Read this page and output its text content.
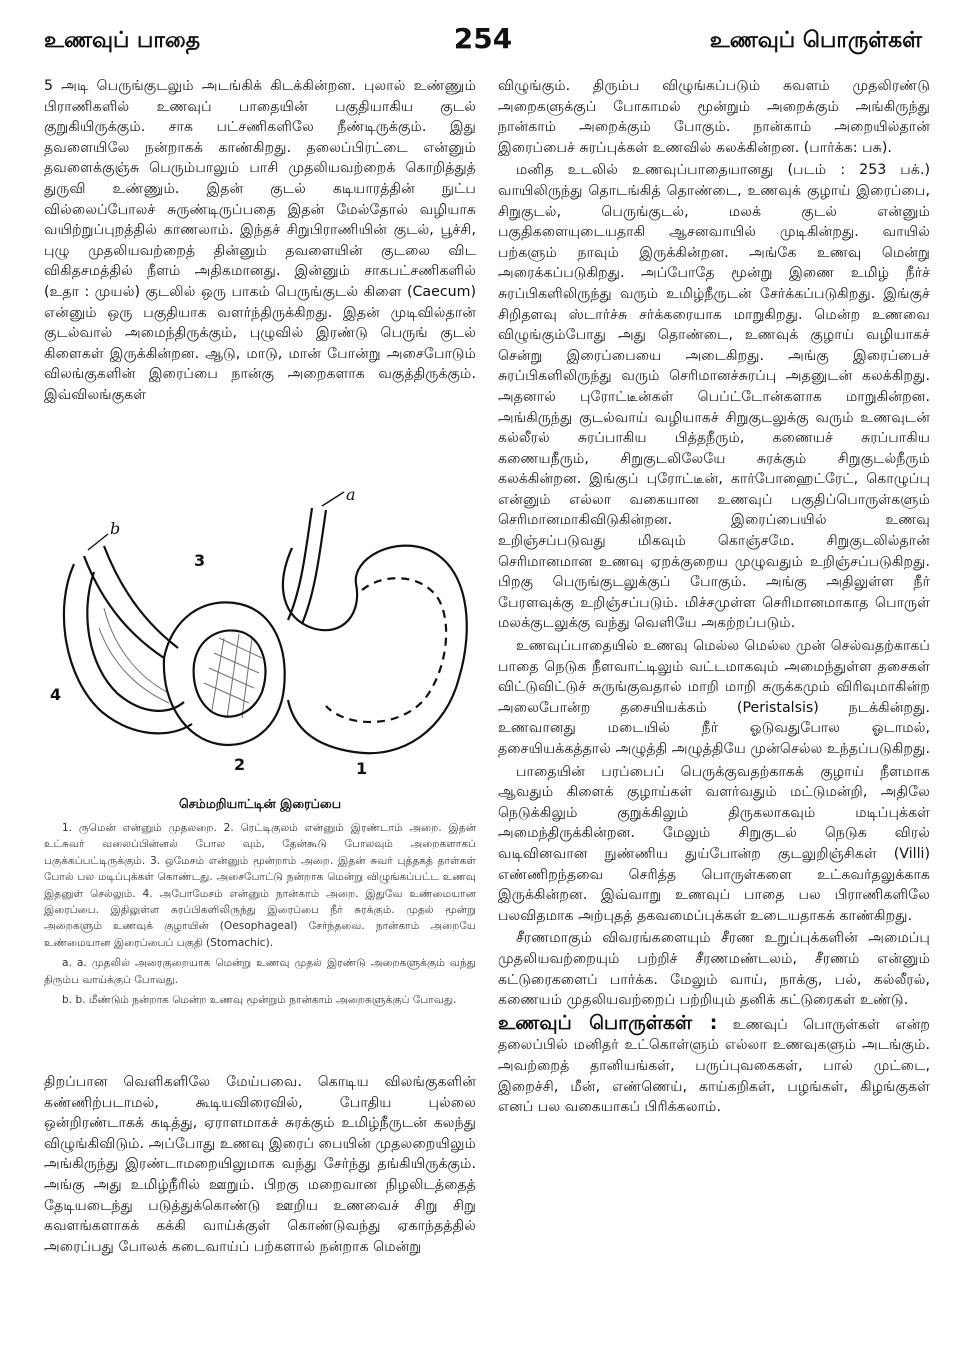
உணவுப் பாதை	254	உணவுப் பொருள்கள்

5 அடி பெருங்குடலும் அடங்கிக் கிடக்கின்றன. புலால் உண்ணும் பிராணிகளில் உணவுப் பாதையின் பகுதியாகிய குடல் குறுகியிருக்கும். சாக பட்சணிகளிலே நீண்டிருக்கும். இது தவளையிலே நன்றாகக் காண்கிறது. தலைப்பிரட்டை என்னும் தவளைக்குஞ்சு பெரும்பாலும் பாசி முதலியவற்றைக் கொறித்துத் துருவி உண்ணும். இதன் குடல் கடியாரத்தின் நுட்ப வில்லைப்போலச் சுருண்டிருப்பதை இதன் மேல்தோல் வழியாக வயிற்றுப்புறத்தில் காணலாம். இந்தச் சிறுபிராணியின் குடல், பூச்சி, புழு முதலியவற்றைத் தின்னும் தவளையின் குடலை விட விகிதசமத்தில் நீளம் அதிகமானது. இன்னும் சாகபட்சணிகளில் (உதா : முயல்) குடலில் ஒரு பாகம் பெருங்குடல் கிளை (Caecum) என்னும் ஒரு பகுதியாக வளர்ந்திருக்கிறது. இதன் முடிவில்தான் குடல்வால் அமைந்திருக்கும், புழுவில் இரண்டு பெருங் குடல் கிளைகள் இருக்கின்றன. ஆடு, மாடு, மான் போன்று அசைபோடும் விலங்குகளின் இரைப்பை நான்கு அறைகளாக வகுத்திருக்கும். இவ்விலங்குகள்

a
b
1
2
3
4
செம்மறியாட்டின் இரைப்பை

1. ருமென் என்னும் முதலறை. 2. ரெட்டிகுலம் என்னும் இரண்டாம் அறை. இதன் உட்சுவர் வலைப்பின்னல் போல வும், தேன்கூடு போலவும் அறைகளாகப் பகுக்கப்பட்டிருக்கும். 3. ஒமேசம் என்னும் மூன்றாம் அறை. இதன் சுவர் புத்தகத் தாள்கள் போல் பல மடிப்புக்கள் கொண்டது. அசைபோட்டு நன்றாக மென்று விழுங்கப்பட்ட உணவு இதனுள் செல்லும். 4. அபோமேசம் என்னும் நான்காம் அறை. இதுவே உண்மையான இரைப்பை. இதிலுள்ள சுரப்பிகளிலிருந்து இரைப்பை நீர் சுரக்கும். முதல் மூன்று அறைகளும் உணவுக் குழாயின் (Oesophageal) சேர்ந்தவை. நான்காம் அறையே உண்மையான இரைப்பைப் பகுதி (Stomachic).

a. a. முதலில் அரைகுறையாக மென்று உணவு முதல் இரண்டு அறைகளுக்கும் வந்து திரும்ப வாய்க்குப் போவது.

b. b. மீண்டும் நன்றாக மென்ற உணவு மூன்றும் நான்காம் அறைகளுக்குப் போவது.

திறப்பான வெளிகளிலே மேய்பவை. கொடிய விலங்குகளின் கண்ணிற்படாமல், கூடியவிரைவில், போதிய புல்லை ஒன்றிரண்டாகக் கடித்து, ஏராளமாகச் சுரக்கும் உமிழ்நீருடன் கலந்து விழுங்கிவிடும். அப்போது உணவு இரைப் பையின் முதலறையிலும் அங்கிருந்து இரண்டாமறையிலுமாக வந்து சேர்ந்து தங்கியிருக்கும். அங்கு அது உமிழ்நீரில் ஊறும். பிறகு மறைவான நிழலிடத்தைத் தேடியடைந்து படுத்துக்கொண்டு ஊறிய உணவைச் சிறு சிறு கவளங்களாகக் கக்கி வாய்க்குள் கொண்டுவந்து ஏகாந்தத்தில் அரைப்பது போலக் கடைவாய்ப் பற்களால் நன்றாக மென்று

விழுங்கும். திரும்ப விழுங்கப்படும் கவளம் முதலிரண்டு அறைகளுக்குப் போகாமல் மூன்றும் அறைக்கும் அங்கிருந்து நான்காம் அறைக்கும் போகும். நான்காம் அறையில்தான் இரைப்பைச் சுரப்புக்கள் உணவில் கலக்கின்றன. (பார்க்க: பசு).

மனித உடலில் உணவுப்பாதையானது (படம் : 253 பக்.) வாயிலிருந்து தொடங்கித் தொண்டை, உணவுக் குழாய் இரைப்பை, சிறுகுடல், பெருங்குடல், மலக் குடல் என்னும் பகுதிகளையுடையதாகி ஆசனவாயில் முடிகின்றது. வாயில் பற்களும் நாவும் இருக்கின்றன. அங்கே உணவு மென்று அரைக்கப்படுகிறது. அப்போதே மூன்று இணை உமிழ் நீர்ச் சுரப்பிகளிலிருந்து வரும் உமிழ்நீருடன் சேர்க்கப்படுகிறது. இங்குச் சிறிதளவு ஸ்டார்ச்சு சர்க்கரையாக மாறுகிறது. மென்ற உணவை விழுங்கும்போது அது தொண்டை, உணவுக் குழாய் வழியாகச் சென்று இரைப்பையை அடைகிறது. அங்கு இரைப்பைச் சுரப்பிகளிலிருந்து வரும் செரிமானச்சுரப்பு அதனுடன் கலக்கிறது. அதனால் புரோட்டீன்கள் பெப்ட்டோன்களாக மாறுகின்றன. அங்கிருந்து குடல்வாய் வழியாகச் சிறுகுடலுக்கு வரும் உணவுடன் கல்லீரல் சுரப்பாகிய பித்தநீரும், கணையச் சுரப்பாகிய கணையநீரும், சிறுகுடலிலேயே சுரக்கும் சிறுகுடல்நீரும் கலக்கின்றன. இங்குப் புரோட்டீன், கார்போஹைட்ரேட், கொழுப்பு என்னும் எல்லா வகையான உணவுப் பகுதிப்பொருள்களும் செரிமானமாகிவிடுகின்றன. இரைப்பையில் உணவு உறிஞ்சப்படுவது மிகவும் கொஞ்சமே. சிறுகுடலில்தான் செரிமானமான உணவு ஏறக்குறைய முழுவதும் உறிஞ்சப்படுகிறது. பிறகு பெருங்குடலுக்குப் போகும். அங்கு அதிலுள்ள நீர் பேரளவுக்கு உறிஞ்சப்படும். மிச்சமுள்ள செரிமானமாகாத பொருள் மலக்குடலுக்கு வந்து வெளியே அகற்றப்படும்.

உணவுப்பாதையில் உணவு மெல்ல மெல்ல முன் செல்வதற்காகப் பாதை நெடுக நீளவாட்டிலும் வட்டமாகவும் அமைந்துள்ள தசைகள் விட்டுவிட்டுச் சுருங்குவதால் மாறி மாறி சுருக்கமும் விரிவுமாகின்ற அலைபோன்ற தசையியக்கம் (Peristalsis) நடக்கின்றது. உணவானது மடையில் நீர் ஓடுவதுபோல ஓடாமல், தசையியக்கத்தால் அழுத்தி அழுத்தியே முன்செல்ல உந்தப்படுகிறது.

பாதையின் பரப்பைப் பெருக்குவதற்காகக் குழாய் நீளமாக ஆவதும் கிளைக் குழாய்கள் வளர்வதும் மட்டுமன்றி, அதிலே நெடுக்கிலும் குறுக்கிலும் திருகலாகவும் மடிப்புக்கள் அமைந்திருக்கின்றன. மேலும் சிறுகுடல் நெடுக விரல் வடிவினவான நுண்ணிய துய்போன்ற குடலுறிஞ்சிகள் (Villi) எண்ணிறந்தவை செரித்த பொருள்களை உட்கவர்தலுக்காக இருக்கின்றன. இவ்வாறு உணவுப் பாதை பல பிராணிகளிலே பலவிதமாக அற்புதத் தகவமைப்புக்கள் உடையதாகக் காண்கிறது.

சீரணமாகும் விவரங்களையும் சீரண உறுப்புக்களின் அமைப்பு முதலியவற்றையும் பற்றிச் சீரணமண்டலம், சீரணம் என்னும் கட்டுரைகளைப் பார்க்க. மேலும் வாய், நாக்கு, பல், கல்லீரல், கணையம் முதலியவற்றைப் பற்றியும் தனிக் கட்டுரைகள் உண்டு.

உணவுப் பொருள்கள் : உணவுப் பொருள்கள் என்ற தலைப்பில் மனிதர் உட்கொள்ளும் எல்லா உணவுகளும் அடங்கும். அவற்றைத் தானியங்கள், பருப்புவகைகள், பால் முட்டை, இறைச்சி, மீன், எண்ணெய், காய்கறிகள், பழங்கள், கிழங்குகள் எனப் பல வகையாகப் பிரிக்கலாம்.
